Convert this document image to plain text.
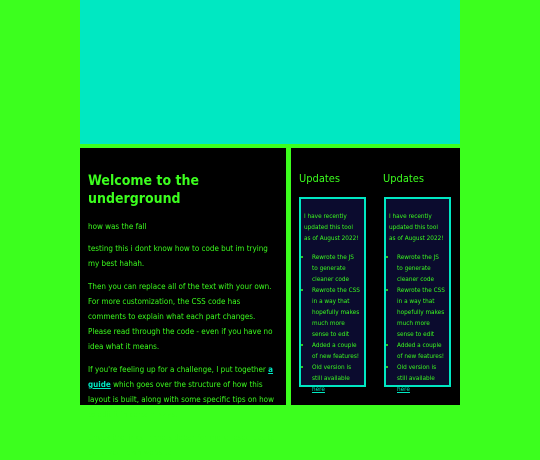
Welcome to the underground
how was the fall

testing this i dont know how to code but im trying my best hahah.

Then you can replace all of the text with your own. For more customization, the CSS code has comments to explain what each part changes. Please read through the code - even if you have no idea what it means.

If you're feeling up for a challenge, I put together a guide which goes over the structure of how this layout is built, along with some specific tips on how to edit it in certain ways.

Check the links in the sidebar for more resources to build your own website!

Updates

I have recently updated this tool as of August 2022!

• Rewrote the JS to generate cleaner code
• Rewrote the CSS in a way that hopefully makes much more sense to edit
• Added a couple of new features!
• Old version is still available here
▁▁▁▁
Updates

I have recently updated this tool as of August 2022!

• Rewrote the JS to generate cleaner code
• Rewrote the CSS in a way that hopefully makes much more sense to edit
• Added a couple of new features!
• Old version is still available here
▁▁▁▁
